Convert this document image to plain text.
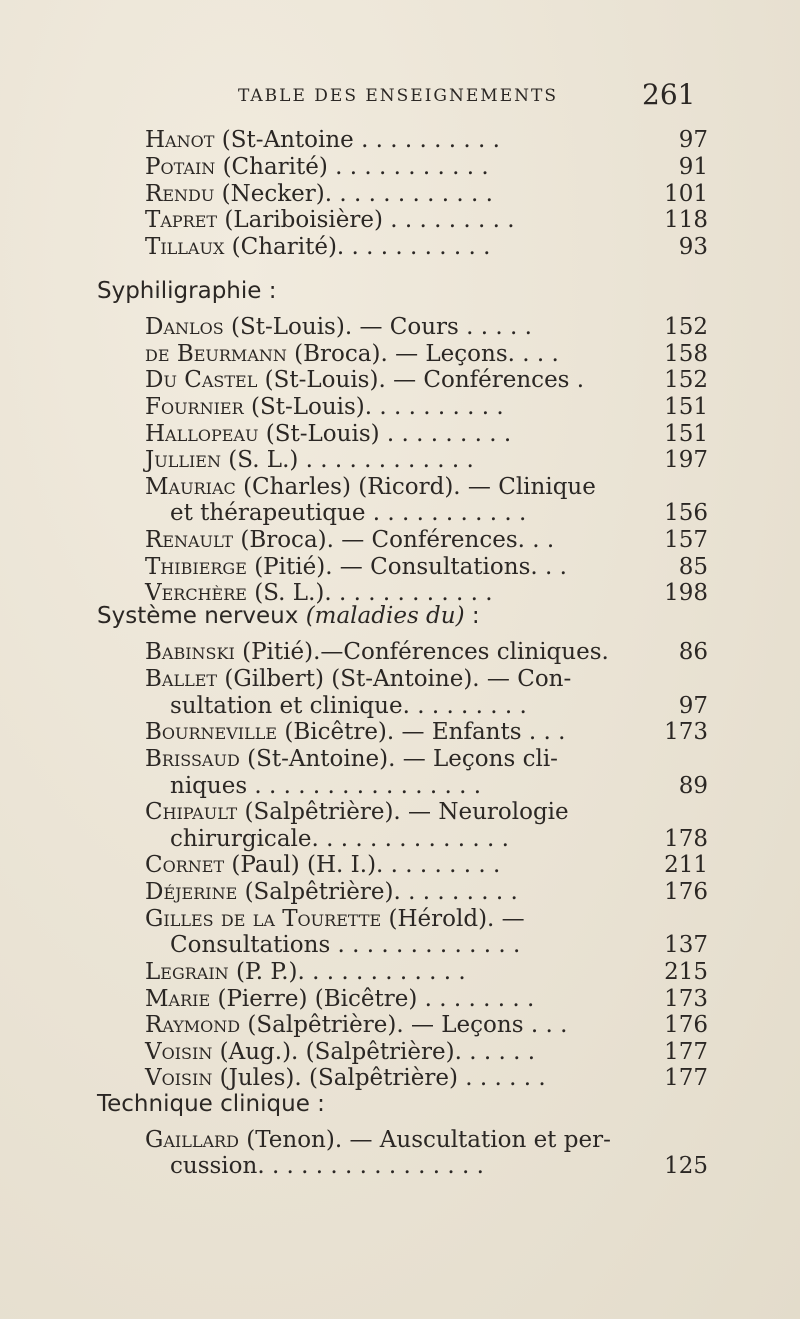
TABLE DES ENSEIGNEMENTS	261
Hanot (St-Antoine . . . . . . . . . .	97
Potain (Charité) . . . . . . . . . . .	91
Rendu (Necker). . . . . . . . . . . .	101
Tapret (Lariboisière) . . . . . . . . .	118
Tillaux (Charité). . . . . . . . . . .	93
Syphiligraphie :
Danlos (St-Louis). — Cours . . . . .	152
de Beurmann (Broca). — Leçons. . . .	158
Du Castel (St-Louis). — Conférences .	152
Fournier (St-Louis). . . . . . . . . .	151
Hallopeau (St-Louis) . . . . . . . . .	151
Jullien (S. L.) . . . . . . . . . . . .	197
Mauriac (Charles) (Ricord). — Clinique
et thérapeutique . . . . . . . . . . .	156
Renault (Broca). — Conférences. . .	157
Thibierge (Pitié). — Consultations. . .	85
Verchère (S. L.). . . . . . . . . . . .	198
Système nerveux (maladies du) :
Babinski (Pitié).—Conférences cliniques.	86
Ballet (Gilbert) (St-Antoine). — Con-
sultation et clinique. . . . . . . . .	97
Bourneville (Bicêtre). — Enfants . . .	173
Brissaud (St-Antoine). — Leçons cli-
niques . . . . . . . . . . . . . . . .	89
Chipault (Salpêtrière). — Neurologie
chirurgicale. . . . . . . . . . . . . .	178
Cornet (Paul) (H. I.). . . . . . . . .	211
Déjerine (Salpêtrière). . . . . . . . .	176
Gilles de la Tourette (Hérold). —
Consultations . . . . . . . . . . . . .	137
Legrain (P. P.). . . . . . . . . . . .	215
Marie (Pierre) (Bicêtre) . . . . . . . .	173
Raymond (Salpêtrière). — Leçons . . .	176
Voisin (Aug.). (Salpêtrière). . . . . .	177
Voisin (Jules). (Salpêtrière) . . . . . .	177
Technique clinique :
Gaillard (Tenon). — Auscultation et per-
cussion. . . . . . . . . . . . . . . .	125
